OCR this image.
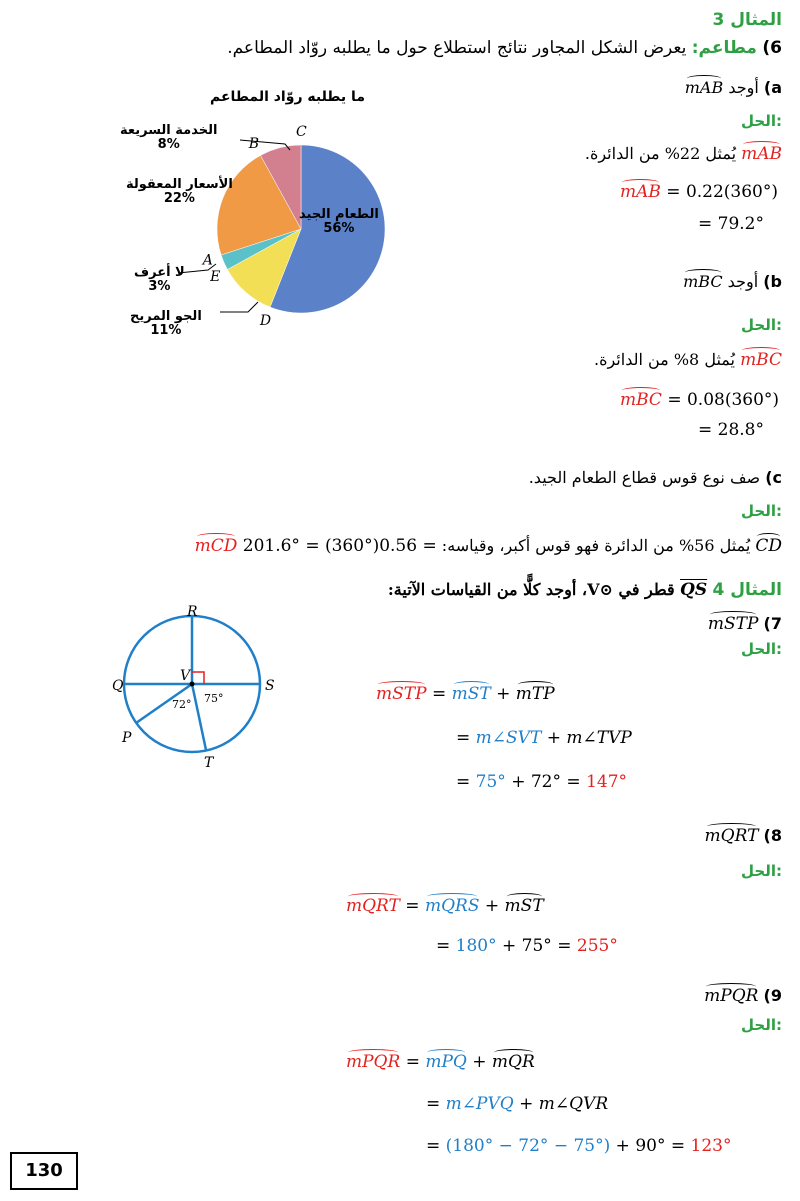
المثال 3
6) مطاعم: يعرض الشكل المجاور نتائج استطلاع حول ما يطلبه روّاد المطاعم.
ما يطلبه روّاد المطاعم
C
D
E
A
B
الطعام الجيد
56%
الخدمة السريعة
8%
الأسعار المعقولة
22%
لا أعرف
3%
الجو المريح
11%
a) أوجد mAB
الحل:
mAB يُمثل 22% من الدائرة.
mAB = 0.22(360°)
= 79.2°
b) أوجد mBC
الحل:
mBC يُمثل 8% من الدائرة.
mBC = 0.08(360°)
= 28.8°
c) صف نوع قوس قطاع الطعام الجيد.
الحل:
CD يُمثل 56% من الدائرة فهو قوس أكبر، وقياسه: mCD 201.6° = (360°)0.56 =
المثال 4 QS قطر في ⊙V، أوجد كلًّا من القياسات الآتية:
R
Q	S
P
T
V
75°
72°
7) mSTP
الحل:
mSTP = mST + mTP
= m∠SVT + m∠TVP
= 75° + 72° = 147°
8) mQRT
الحل:
mQRT = mQRS + mST
= 180° + 75° = 255°
9) mPQR
الحل:
mPQR = mPQ + mQR
= m∠PVQ + m∠QVR
= (180° − 72° − 75°) + 90° = 123°
130
